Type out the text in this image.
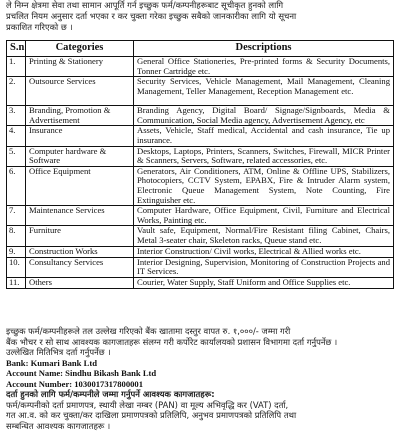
ले निम्न क्षेत्रमा सेवा तथा सामान आपूर्ति गर्न इच्छुक फर्म/कम्पनीहरूबाट सूचीकृत हुनको लागि
प्रचलित नियम अनुसार दर्ता भएका र कर चुक्ता गरेका इच्छुक सबैको जानकारीका लागि यो सूचना
प्रकाशित गरिएको छ ।
S.n	Categories	Descriptions
1.	Printing & Stationery	General Office Stationeries, Pre-printed forms & Security Documents, Tonner Cartridge etc.
2.	Outsource Services	Security Services, Vehicle Management, Mail Management, Cleaning Management, Teller Management, Reception Management etc.
3.	Branding, Promotion & Advertisement	Branding Agency, Digital Board/ Signage/Signboards, Media & Communication, Social Media agency, Advertisement Agency, etc
4.	Insurance	Assets, Vehicle, Staff medical, Accidental and cash insurance, Tie up insurance.
5.	Computer hardware & Software	Desktops, Laptops, Printers, Scanners, Switches, Firewall, MICR Printer & Scanners, Servers, Software, related accessories, etc.
6.	Office Equipment	Generators, Air Conditioners, ATM, Online & Offline UPS, Stabilizers, Photocopiers, CCTV System, EPABX, Fire & Intruder Alarm system, Electronic Queue Management System, Note Counting, Fire Extinguisher etc.
7.	Maintenance Services	Computer Hardware, Office Equipment, Civil, Furniture and Electrical Works, Painting etc.
8.	Furniture	Vault safe, Equipment, Normal/Fire Resistant filing Cabinet, Chairs, Metal 3-seater chair, Skeleton racks, Queue stand etc.
9.	Construction Works	Interior Construction/ Civil works, Electrical & Allied works etc.
10.	Consultancy Services	Interior Designing, Supervision, Monitoring of Construction Projects and IT Services.
11.	Others	Courier, Water Supply, Staff Uniform and Office Supplies etc.
इच्छुक फर्म/कम्पनीहरूले तल उल्लेख गरिएको बैंक खातामा दस्तुर वापत रु. १,०००/- जम्मा गरी
बैंक भौचर र सो साथ आवश्यक कागजातहरू संलग्न गरी कर्पोरेट कार्यालयको प्रशासन विभागमा दर्ता गर्नुपर्नेछ ।
उल्लेखित मितिभित्र दर्ता गर्नुपर्नेछ ।
Bank: Kumari Bank Ltd
Account Name: Sindhu Bikash Bank Ltd
Account Number: 1030017317800001
दर्ता हुनको लागि फर्म/कम्पनीले जम्मा गर्नुपर्ने आवश्यक कागजातहरू:
फर्म/कम्पनीको दर्ता प्रमाणपत्र, स्थायी लेखा नम्बर (PAN) वा मूल्य अभिवृद्धि कर (VAT) दर्ता,
गत आ.व. को कर चुक्ता/कर दाखिला प्रमाणपत्रको प्रतिलिपि, अनुभव प्रमाणपत्रको प्रतिलिपि तथा
सम्बन्धित आवश्यक कागजातहरू ।
